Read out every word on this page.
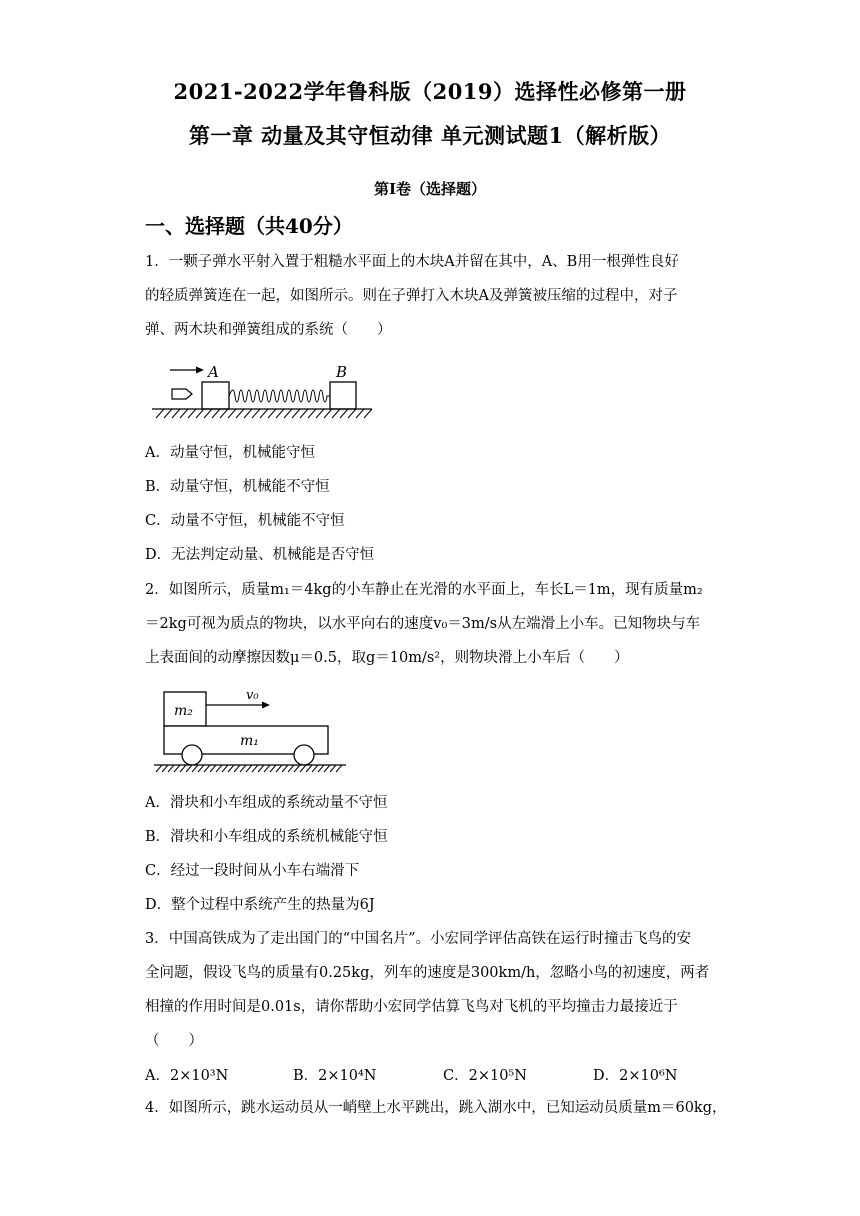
2021-2022学年鲁科版（2019）选择性必修第一册
第一章 动量及其守恒动律 单元测试题1（解析版）
第I卷（选择题）
一、选择题（共40分）
1．一颗子弹水平射入置于粗糙水平面上的木块A并留在其中，A、B用一根弹性良好
的轻质弹簧连在一起，如图所示。则在子弹打入木块A及弹簧被压缩的过程中，对子
弹、两木块和弹簧组成的系统（　　）
A	B
A．动量守恒，机械能守恒
B．动量守恒，机械能不守恒
C．动量不守恒，机械能不守恒
D．无法判定动量、机械能是否守恒
2．如图所示，质量m₁＝4kg的小车静止在光滑的水平面上，车长L＝1m，现有质量m₂
＝2kg可视为质点的物块，以水平向右的速度v₀＝3m/s从左端滑上小车。已知物块与车
上表面间的动摩擦因数μ＝0.5，取g＝10m/s²，则物块滑上小车后（　　）
m₂
v₀
m₁
A．滑块和小车组成的系统动量不守恒
B．滑块和小车组成的系统机械能守恒
C．经过一段时间从小车右端滑下
D．整个过程中系统产生的热量为6J
3．中国高铁成为了走出国门的“中国名片”。小宏同学评估高铁在运行时撞击飞鸟的安
全问题，假设飞鸟的质量有0.25kg，列车的速度是300km/h，忽略小鸟的初速度，两者
相撞的作用时间是0.01s，请你帮助小宏同学估算飞鸟对飞机的平均撞击力最接近于
（　　）
A．2×10³N	B．2×10⁴N	C．2×10⁵N	D．2×10⁶N
4．如图所示，跳水运动员从一峭壁上水平跳出，跳入湖水中，已知运动员质量m＝60kg，
